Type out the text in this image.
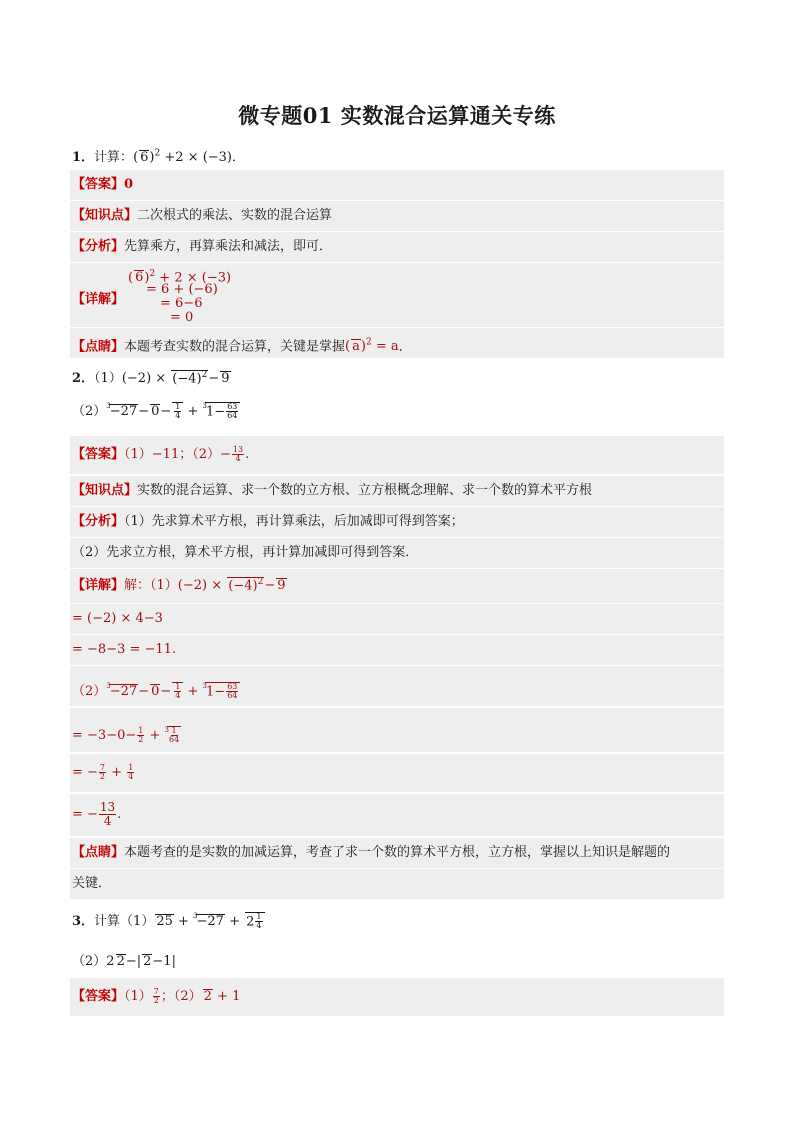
微专题01 实数混合运算通关专练
1．计算：( 6)$^2$ +2 × (−3)．
【答案】0
【知识点】二次根式的乘法、实数的混合运算
【分析】先算乘方，再算乘法和减法，即可．
【详解】
( 6)$^2$ + 2 × (−3)
= 6 + (−6)
= 6−6
= 0
【点睛】本题考查实数的混合运算，关键是掌握( a)$^2$ = a．
2．$(1)(-2) \times (-4)^2- 9$
$(2)^3-27- 0- \frac{1}{4} + ^31- \frac{63}{64}$
【答案】（1）−11；$(2)- \frac{13}{4}$ .
【知识点】实数的混合运算、求一个数的立方根、立方根概念理解、求一个数的算术平方根
【分析】（1）先求算术平方根，再计算乘法，后加减即可得到答案；
（2）先求立方根，算术平方根，再计算加减即可得到答案．
【详解】解：$(1)(-2) \times (-4)^2- 9$
= (−2) × 4−3
= −8−3 = −11.
$(2)^3-27- 0- \frac{1}{4} + ^31- \frac{63}{64}$
= $-3-0- \frac{1}{2} + ^3 \frac{1}{64}$
= − $\frac{7}{2} + \frac{1}{4}$
= − $\frac{13}{4}$ .
【点睛】本题考查的是实数的加减运算，考查了求一个数的算术平方根，立方根，掌握以上知识是解题的
关键．
3．计算（1） $25 + ^3-27 + 2 \frac{1}{4}$
（2）2 2−| 2−1|
【答案】$(1) \frac{7}{2}$ ；（2） 2 + 1
